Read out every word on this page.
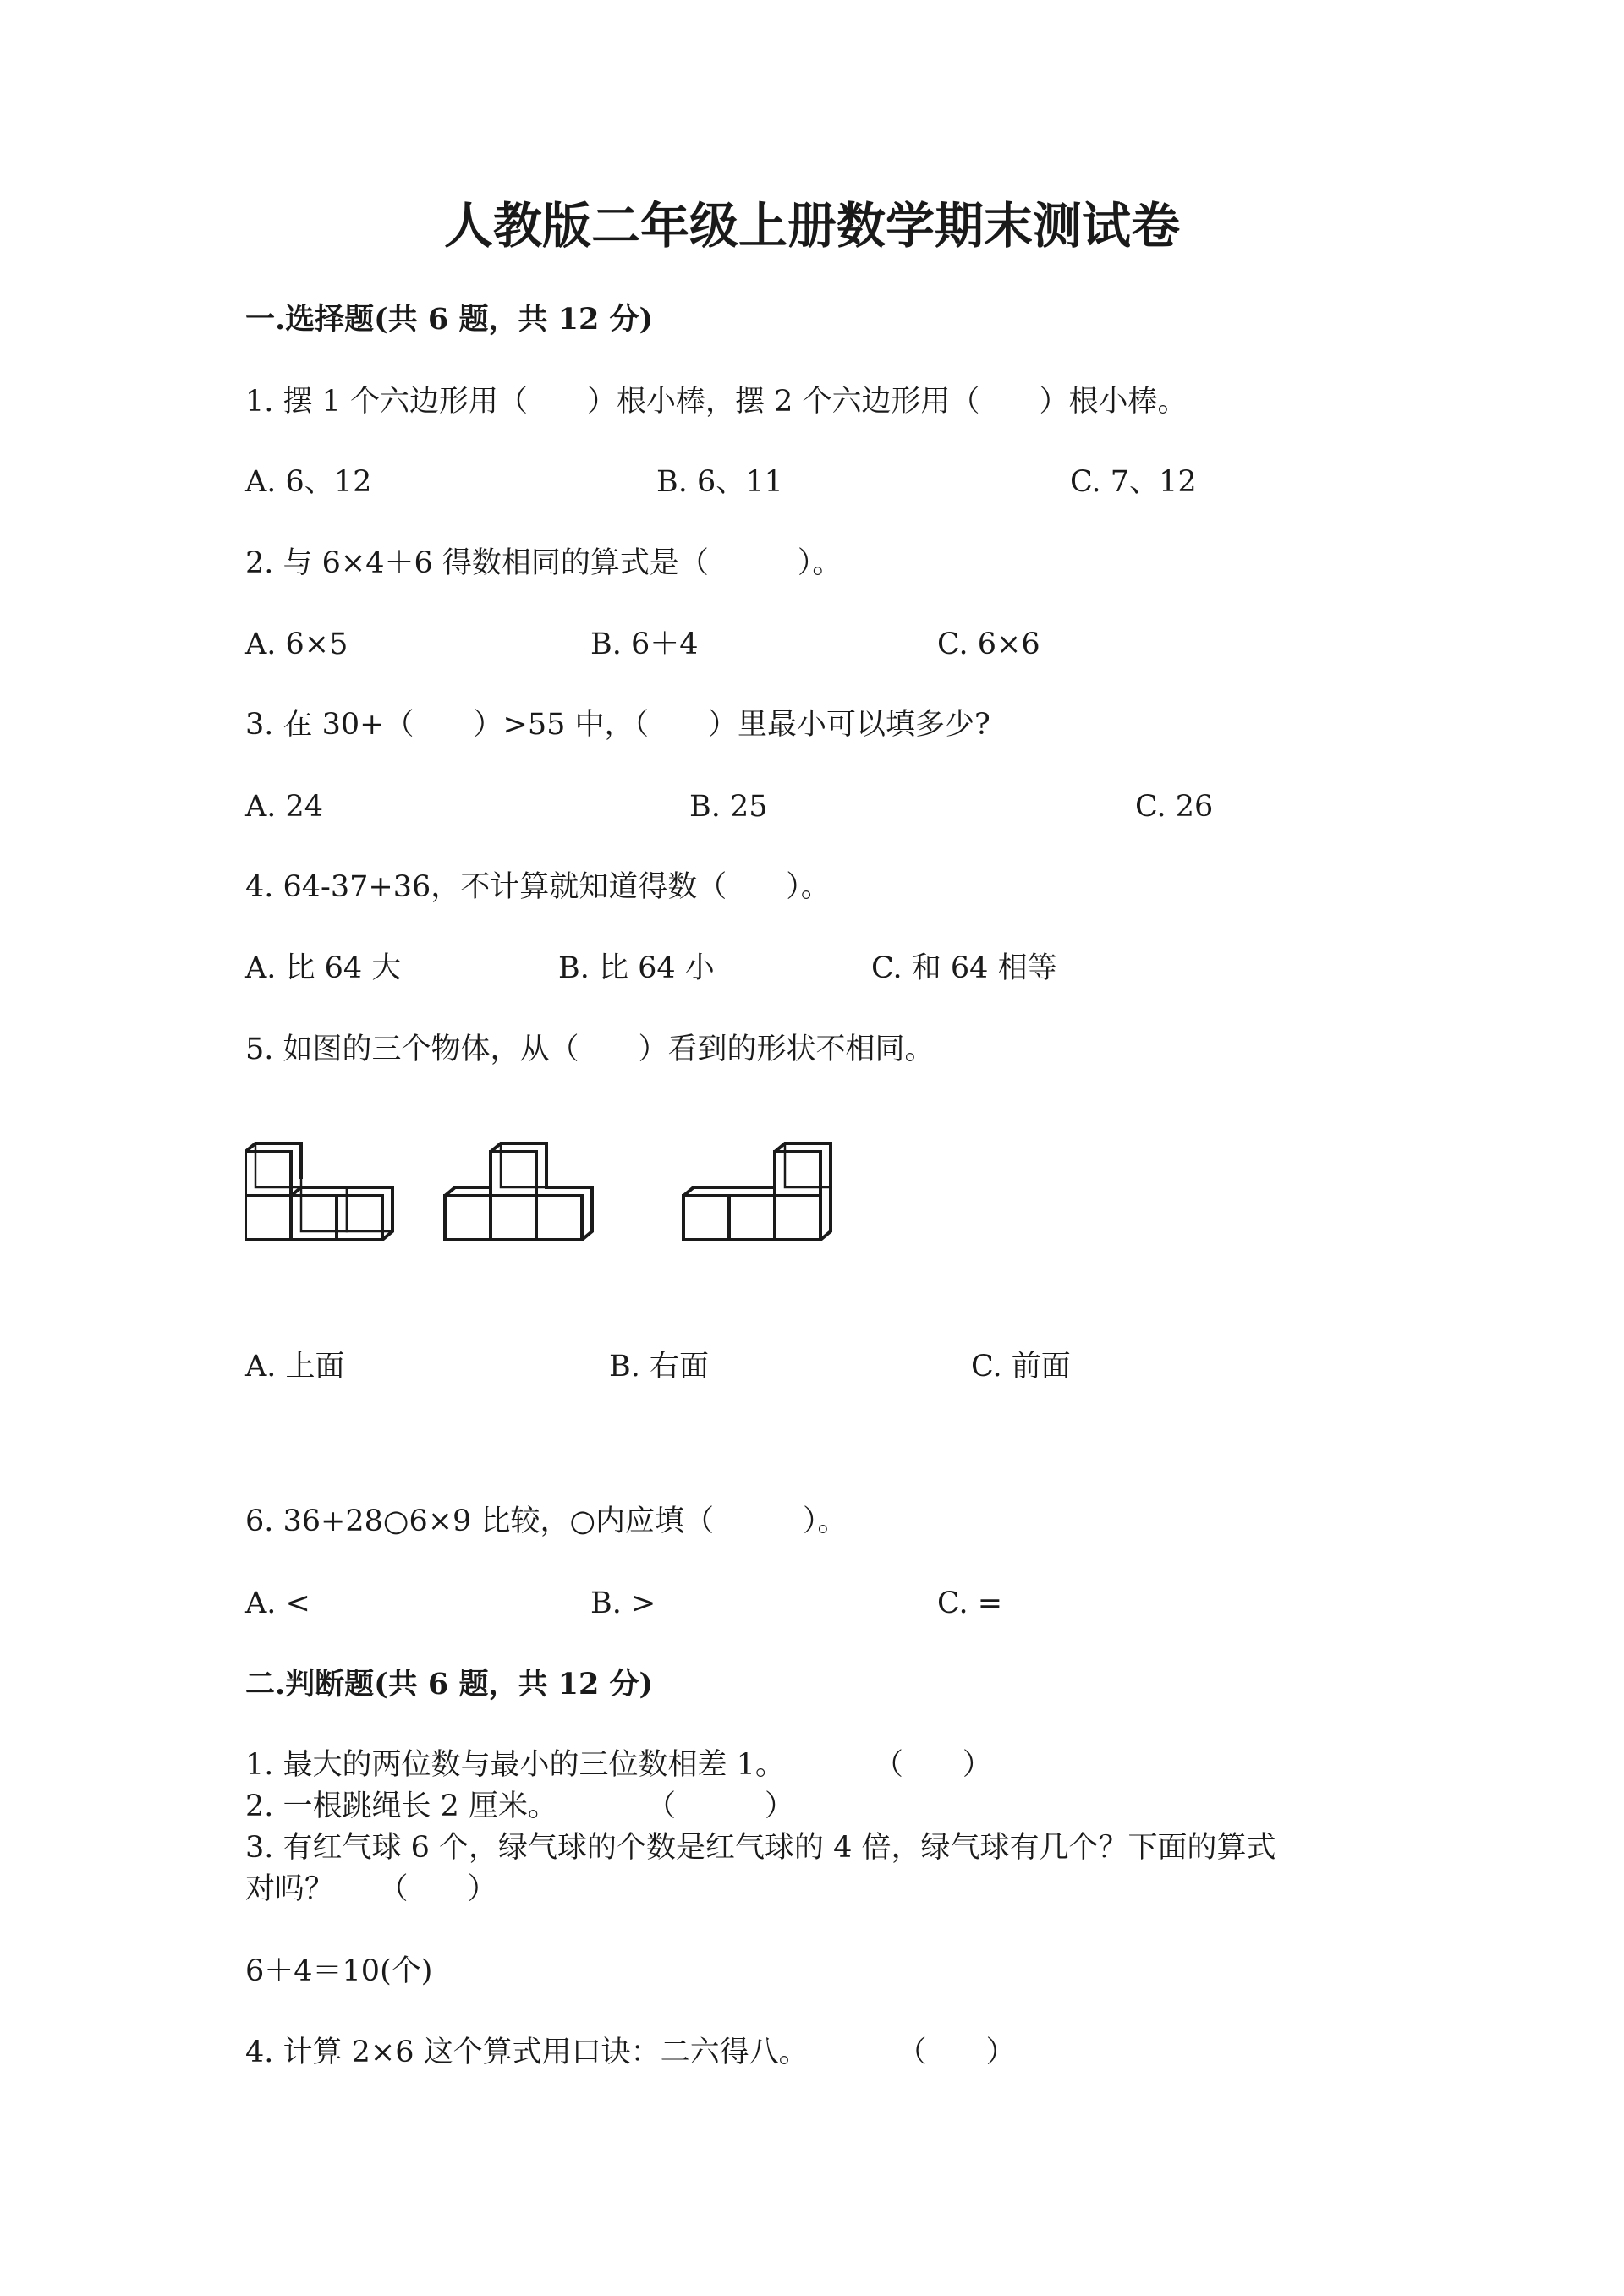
人教版二年级上册数学期末测试卷
一.选择题(共 6 题，共 12 分)
1. 摆 1 个六边形用（　　）根小棒，摆 2 个六边形用（　　）根小棒。
A. 6、12	B. 6、11	C. 7、12
2. 与 6×4＋6 得数相同的算式是（　　　）。
A. 6×5	B. 6＋4	C. 6×6
3. 在 30+（　　）>55 中，（　　）里最小可以填多少?
A. 24	B. 25	C. 26
4. 64-37+36，不计算就知道得数（　　）。
A. 比 64 大	B. 比 64 小	C. 和 64 相等
5. 如图的三个物体，从（　　）看到的形状不相同。
A. 上面	B. 右面	C. 前面
6. 36+28○6×9 比较，○内应填（　　　）。
A. <	B. >	C. =
二.判断题(共 6 题，共 12 分)
1. 最大的两位数与最小的三位数相差 1。　　　　（　　）
2. 一根跳绳长 2 厘米。　　　　（　　　）
3. 有红气球 6 个，绿气球的个数是红气球的 4 倍，绿气球有几个？下面的算式
对吗？　　（　　）
6＋4＝10(个)
4. 计算 2×6 这个算式用口诀：二六得八。　　　　（　　）
